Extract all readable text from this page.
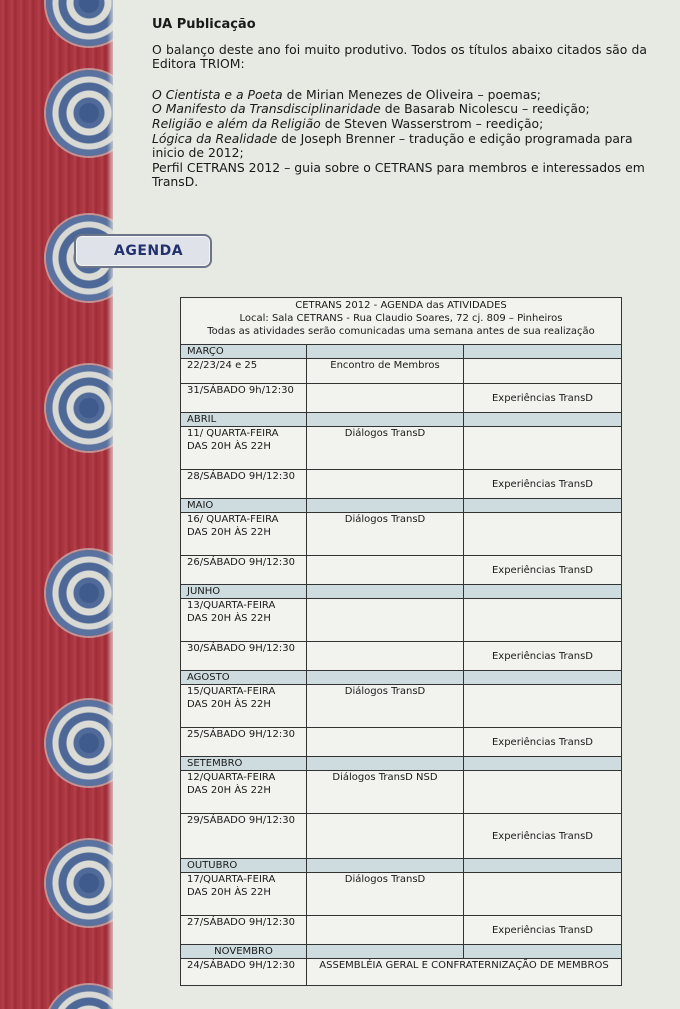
UA Publicação

O balanço deste ano foi muito produtivo. Todos os títulos abaixo citados são da Editora TRIOM:

O Cientista e a Poeta de Mirian Menezes de Oliveira – poemas;

O Manifesto da Transdisciplinaridade de Basarab Nicolescu – reedição;

Religião e além da Religião de Steven Wasserstrom – reedição;

Lógica da Realidade de Joseph Brenner – tradução e edição programada para inicio de 2012;

Perfil CETRANS 2012 – guia sobre o CETRANS para membros e interessados em TransD.

AGENDA
CETRANS 2012 - AGENDA das ATIVIDADES
Local: Sala CETRANS - Rua Claudio Soares, 72 cj. 809 – Pinheiros
Todas as atividades serão comunicadas uma semana antes de sua realização		

MARÇO		

22/23/24 e 25	Encontro de Membros	

31/SÁBADO 9h/12:30		Experiências TransD
ABRIL		

11/ QUARTA-FEIRA
DAS 20H ÀS 22H	Diálogos TransD	

28/SÁBADO 9H/12:30		Experiências TransD
MAIO		

16/ QUARTA-FEIRA
DAS 20H ÀS 22H	Diálogos TransD	

26/SÁBADO 9H/12:30		Experiências TransD
JUNHO		

13/QUARTA-FEIRA
DAS 20H ÀS 22H		

30/SÁBADO 9H/12:30		Experiências TransD
AGOSTO		

15/QUARTA-FEIRA
DAS 20H ÀS 22H	Diálogos TransD	

25/SÁBADO 9H/12:30		Experiências TransD
SETEMBRO		

12/QUARTA-FEIRA
DAS 20H ÀS 22H	Diálogos TransD NSD	

29/SÁBADO 9H/12:30		Experiências TransD
OUTUBRO		

17/QUARTA-FEIRA
DAS 20H ÀS 22H	Diálogos TransD	

27/SÁBADO 9H/12:30		Experiências TransD
NOVEMBRO		
24/SÁBADO 9H/12:30	ASSEMBLÉIA GERAL E CONFRATERNIZAÇÃO DE MEMBROS	
